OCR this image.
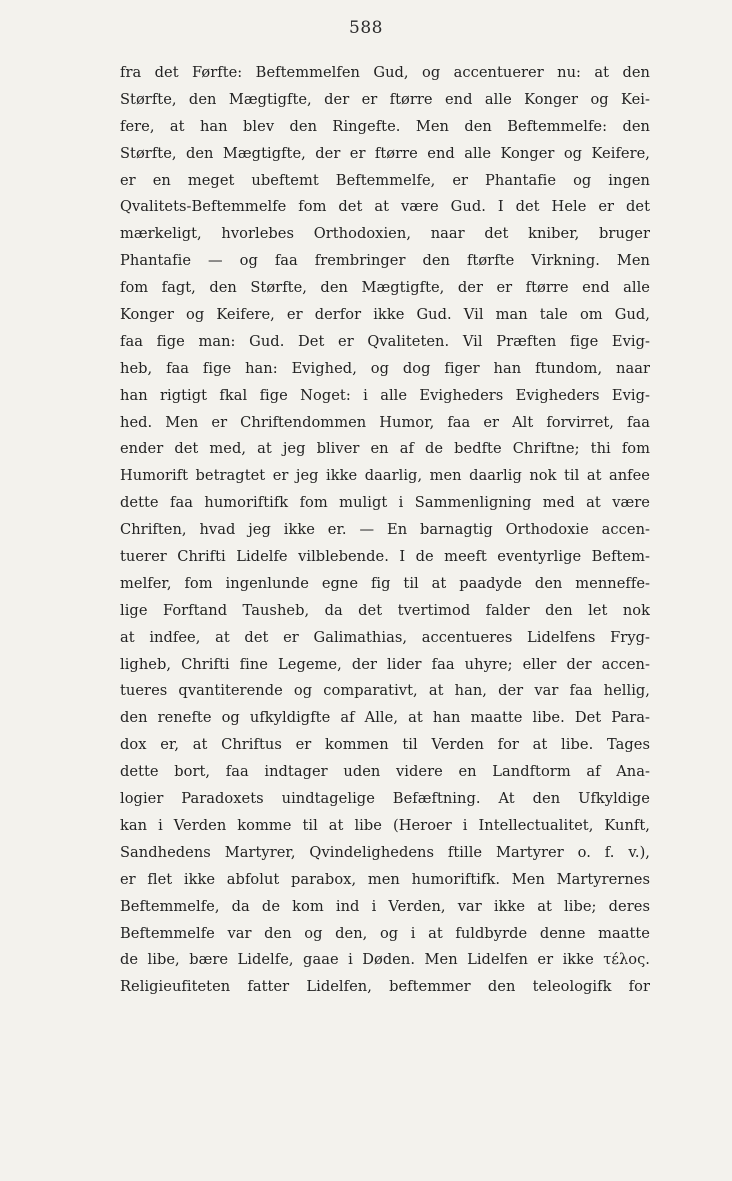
588
fra det Førfte: Beftemmelfen Gud, og accentuerer nu: at den
Størfte, den Mægtigfte, der er ftørre end alle Konger og Kei-
fere, at han blev den Ringefte. Men den Beftemmelfe: den
Størfte, den Mægtigfte, der er ftørre end alle Konger og Keifere,
er en meget ubeftemt Beftemmelfe, er Phantafie og ingen
Qvalitets-Beftemmelfe fom det at være Gud. I det Hele er det
mærkeligt, hvorlebes Orthodoxien, naar det kniber, bruger
Phantafie — og faa frembringer den ftørfte Virkning. Men
fom fagt, den Størfte, den Mægtigfte, der er ftørre end alle
Konger og Keifere, er derfor ikke Gud. Vil man tale om Gud,
faa fige man: Gud. Det er Qvaliteten. Vil Præften fige Evig-
heb, faa fige han: Evighed, og dog figer han ftundom, naar
han rigtigt fkal fige Noget: i alle Evigheders Evigheders Evig-
hed. Men er Chriftendommen Humor, faa er Alt forvirret, faa
ender det med, at jeg bliver en af de bedfte Chriftne; thi fom
Humorift betragtet er jeg ikke daarlig, men daarlig nok til at anfee
dette faa humoriftifk fom muligt i Sammenligning med at være
Chriften, hvad jeg ikke er. — En barnagtig Orthodoxie accen-
tuerer Chrifti Lidelfe vilblebende. I de meeft eventyrlige Beftem-
melfer, fom ingenlunde egne fig til at paadyde den menneffe-
lige Forftand Tausheb, da det tvertimod falder den let nok
at indfee, at det er Galimathias, accentueres Lidelfens Fryg-
ligheb, Chrifti fine Legeme, der lider faa uhyre; eller der accen-
tueres qvantiterende og comparativt, at han, der var faa hellig,
den renefte og ufkyldigfte af Alle, at han maatte libe. Det Para-
dox er, at Chriftus er kommen til Verden for at libe. Tages
dette bort, faa indtager uden videre en Landftorm af Ana-
logier Paradoxets uindtagelige Befæftning. At den Ufkyldige
kan i Verden komme til at libe (Heroer i Intellectualitet, Kunft,
Sandhedens Martyrer, Qvindelighedens ftille Martyrer o. f. v.),
er flet ikke abfolut parabox, men humoriftifk. Men Martyrernes
Beftemmelfe, da de kom ind i Verden, var ikke at libe; deres
Beftemmelfe var den og den, og i at fuldbyrde denne maatte
de libe, bære Lidelfe, gaae i Døden. Men Lidelfen er ikke τέλος.
Religieufiteten fatter Lidelfen, beftemmer den teleologifk for
